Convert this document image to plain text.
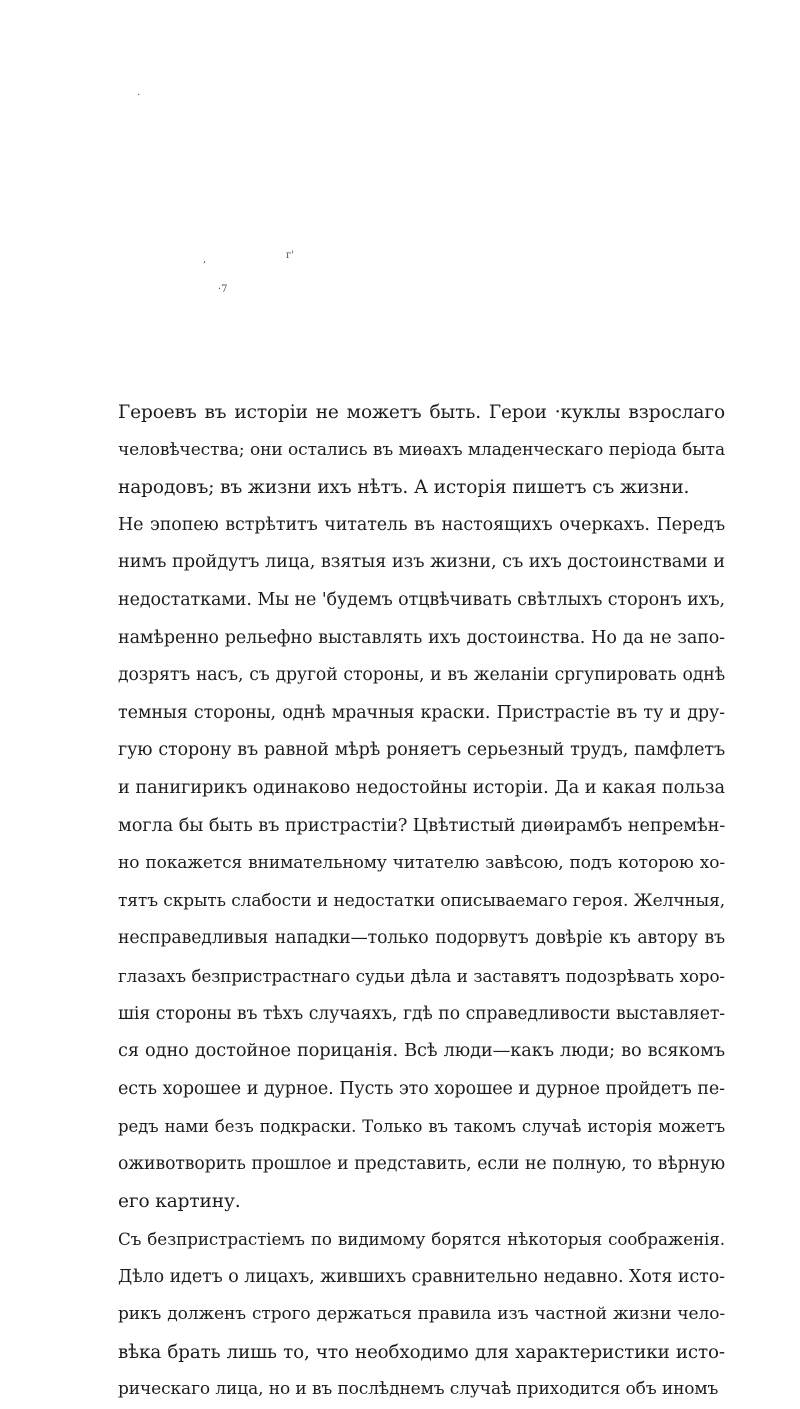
·
,	г'
·7
Героевъ въ исторіи не можетъ быть. Герои ·куклы взрослаго
человѣчества; они остались въ миѳахъ младенческаго періода быта
народовъ; въ жизни ихъ нѣтъ. А исторія пишетъ съ жизни.
Не эпопею встрѣтитъ читатель въ настоящихъ очеркахъ. Передъ
нимъ пройдутъ лица, взятыя изъ жизни, съ ихъ достоинствами и
недостатками. Мы не 'будемъ отцвѣчивать свѣтлыхъ сторонъ ихъ,
намѣренно рельефно выставлять ихъ достоинства. Но да не запо-
дозрятъ насъ, съ другой стороны, и въ желаніи сргупировать однѣ
темныя стороны, однѣ мрачныя краски. Пристрастіе въ ту и дру-
гую сторону въ равной мѣрѣ роняетъ серьезный трудъ, памфлетъ
и панигирикъ одинаково недостойны исторіи. Да и какая польза
могла бы быть въ пристрастіи? Цвѣтистый диѳирамбъ непремѣн-
но покажется внимательному читателю завѣсою, подъ которою хо-
тятъ скрыть слабости и недостатки описываемаго героя. Желчныя,
несправедливыя нападки—только подорвутъ довѣріе къ автору въ
глазахъ безпристрастнаго судьи дѣла и заставятъ подозрѣвать хоро-
шія стороны въ тѣхъ случаяхъ, гдѣ по справедливости выставляет-
ся одно достойное порицанія. Всѣ люди—какъ люди; во всякомъ
есть хорошее и дурное. Пусть это хорошее и дурное пройдетъ пе-
редъ нами безъ подкраски. Только въ такомъ случаѣ исторія можетъ
оживотворить прошлое и представить, если не полную, то вѣрную
его картину.
Съ безпристрастіемъ по видимому борятся нѣкоторыя соображенія.
Дѣло идетъ о лицахъ, жившихъ сравнительно недавно. Хотя исто-
рикъ долженъ строго держаться правила изъ частной жизни чело-
вѣка брать лишь то, что необходимо для характеристики исто-
рическаго лица, но и въ послѣднемъ случаѣ приходится объ иномъ
